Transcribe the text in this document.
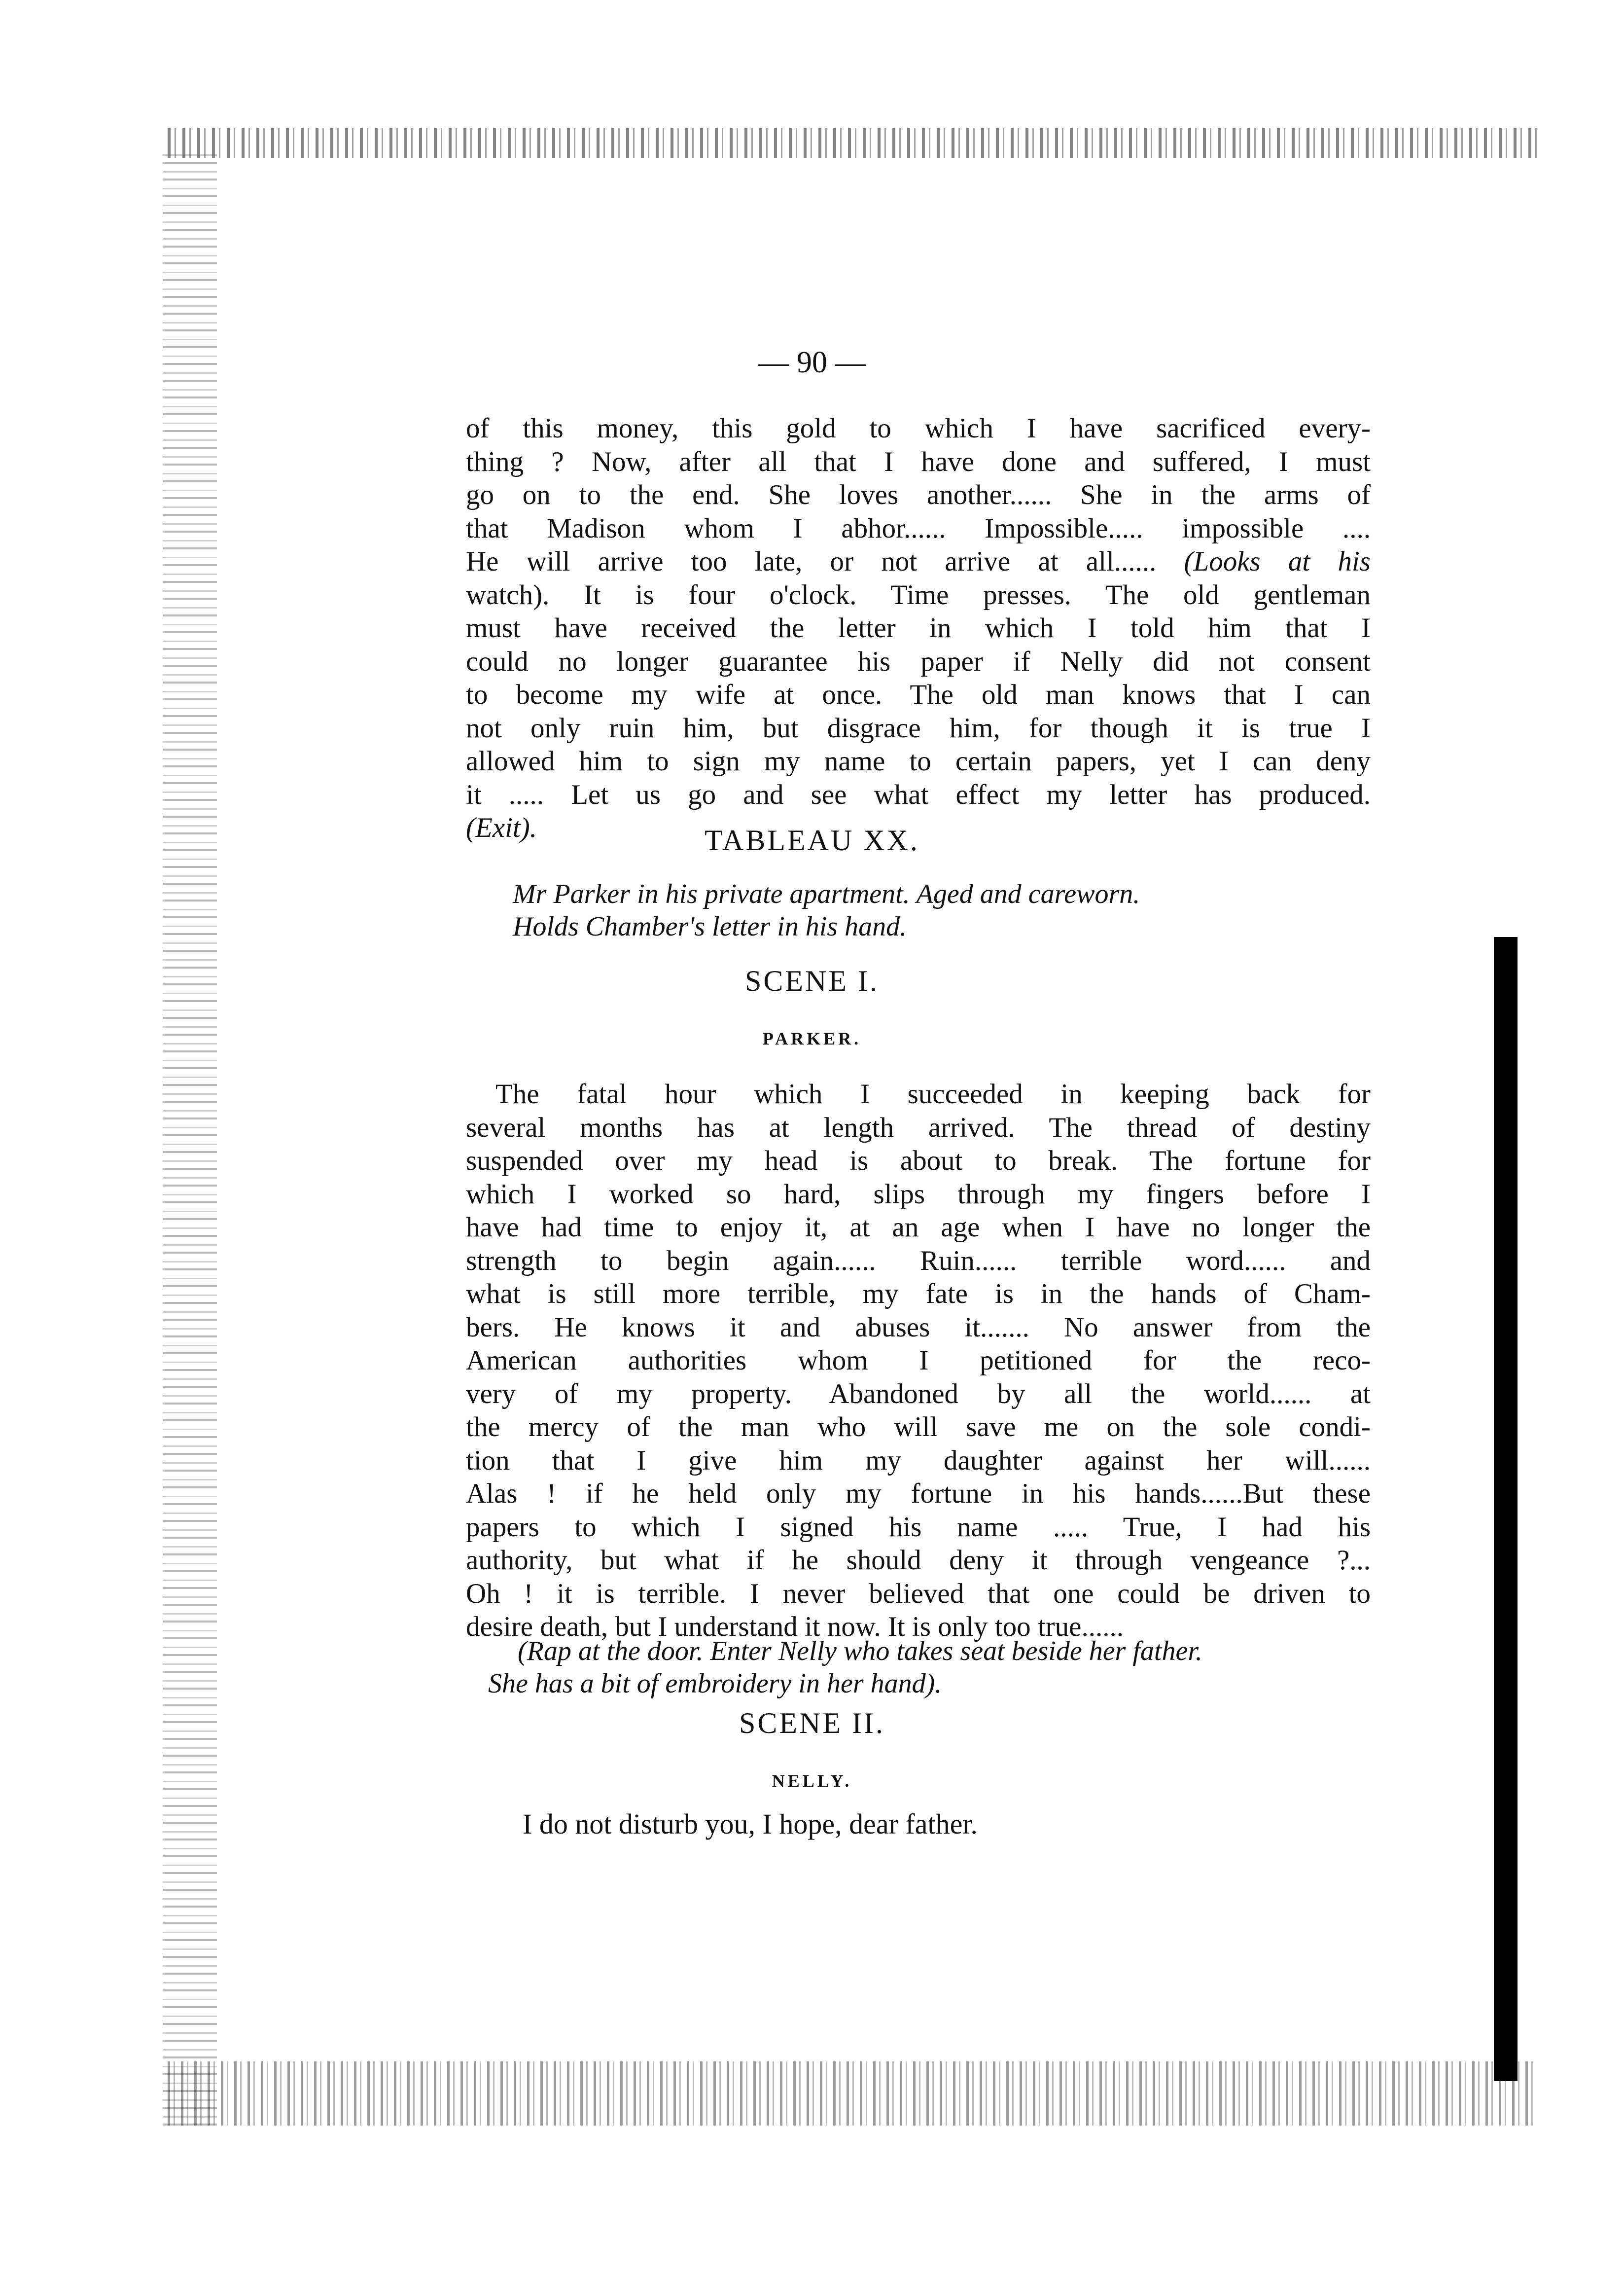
— 90 —
of this money, this gold to which I have sacrificed every-
thing ? Now, after all that I have done and suffered, I must
go on to the end. She loves another...... She in the arms of
that Madison whom I abhor...... Impossible..... impossible ....
He will arrive too late, or not arrive at all...... (Looks at his
watch). It is four o'clock. Time presses. The old gentleman
must have received the letter in which I told him that I
could no longer guarantee his paper if Nelly did not consent
to become my wife at once. The old man knows that I can
not only ruin him, but disgrace him, for though it is true I
allowed him to sign my name to certain papers, yet I can deny
it ..... Let us go and see what effect my letter has produced.
(Exit).	TABLEAU XX.
Mr Parker in his private apartment. Aged and careworn.
Holds Chamber's letter in his hand.
SCENE I.
PARKER.
The fatal hour which I succeeded in keeping back for
several months has at length arrived. The thread of destiny
suspended over my head is about to break. The fortune for
which I worked so hard, slips through my fingers before I
have had time to enjoy it, at an age when I have no longer the
strength to begin again...... Ruin...... terrible word...... and
what is still more terrible, my fate is in the hands of Cham-
bers. He knows it and abuses it....... No answer from the
American authorities whom I petitioned for the reco-
very of my property. Abandoned by all the world...... at
the mercy of the man who will save me on the sole condi-
tion that I give him my daughter against her will......
Alas ! if he held only my fortune in his hands......But these
papers to which I signed his name ..... True, I had his
authority, but what if he should deny it through vengeance ?...
Oh ! it is terrible. I never believed that one could be driven to
desire death, but I understand it now. It is only too true......
(Rap at the door. Enter Nelly who takes seat beside her father.
She has a bit of embroidery in her hand).
SCENE II.
NELLY.
I do not disturb you, I hope, dear father.
